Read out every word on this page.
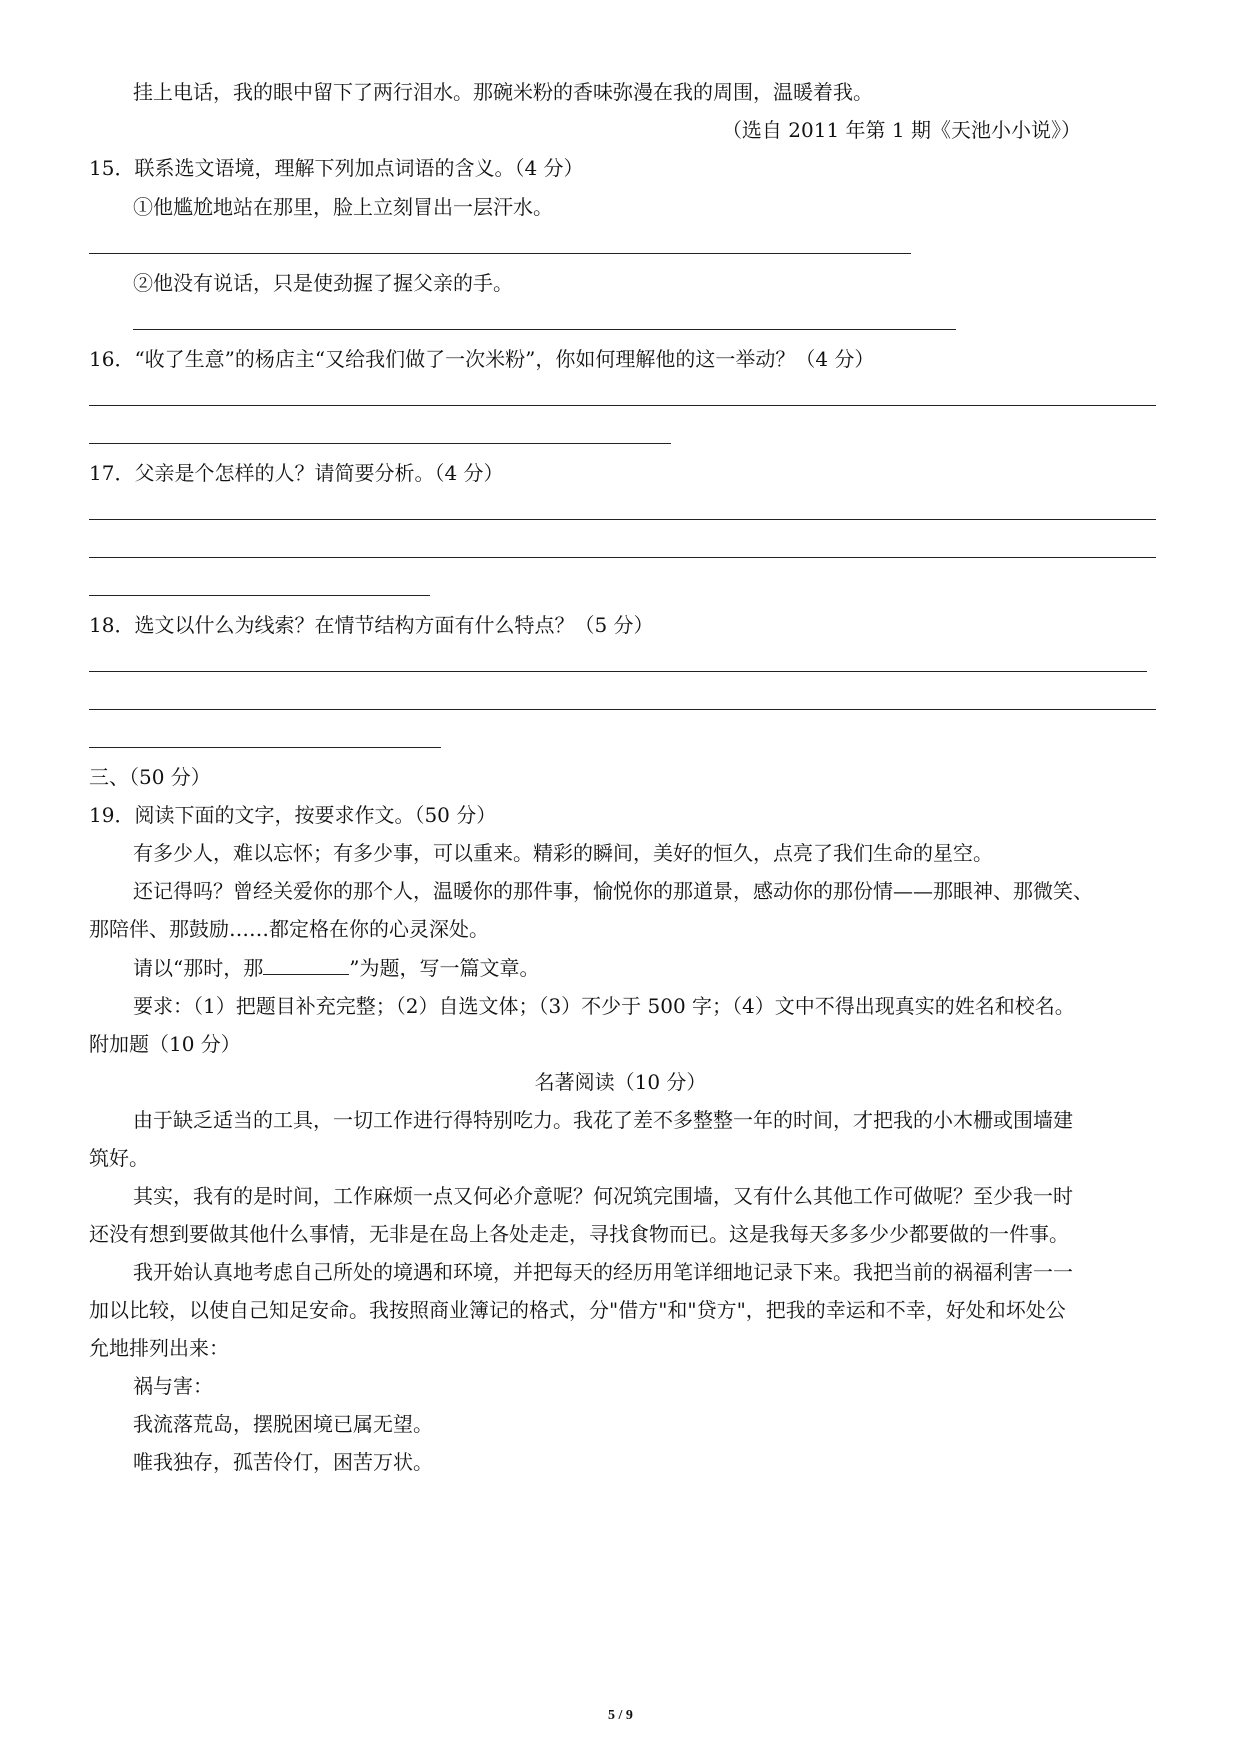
挂上电话，我的眼中留下了两行泪水。那碗米粉的香味弥漫在我的周围，温暖着我。
（选自 2011 年第 1 期《天池小小说》）
15．联系选文语境，理解下列加点词语的含义。（4 分）
①他尴尬地站在那里，脸上立刻冒出一层汗水。
②他没有说话，只是使劲握了握父亲的手。
16．“收了生意”的杨店主“又给我们做了一次米粉”，你如何理解他的这一举动？（4 分）
17．父亲是个怎样的人？请简要分析。（4 分）
18．选文以什么为线索？在情节结构方面有什么特点？（5 分）
三、（50 分）
19．阅读下面的文字，按要求作文。（50 分）
有多少人，难以忘怀；有多少事，可以重来。精彩的瞬间，美好的恒久，点亮了我们生命的星空。
还记得吗？曾经关爱你的那个人，温暖你的那件事，愉悦你的那道景，感动你的那份情——那眼神、那微笑、
那陪伴、那鼓励……都定格在你的心灵深处。
请以“那时，那	”为题，写一篇文章。
要求：（1）把题目补充完整；（2）自选文体；（3）不少于 500 字；（4）文中不得出现真实的姓名和校名。
附加题（10 分）
名著阅读（10 分）
由于缺乏适当的工具，一切工作进行得特别吃力。我花了差不多整整一年的时间，才把我的小木栅或围墙建
筑好。
其实，我有的是时间，工作麻烦一点又何必介意呢？何况筑完围墙，又有什么其他工作可做呢？至少我一时
还没有想到要做其他什么事情，无非是在岛上各处走走，寻找食物而已。这是我每天多多少少都要做的一件事。
我开始认真地考虑自己所处的境遇和环境，并把每天的经历用笔详细地记录下来。我把当前的祸福利害一一
加以比较，以使自己知足安命。我按照商业簿记的格式，分"借方"和"贷方"，把我的幸运和不幸，好处和坏处公
允地排列出来：
祸与害：
我流落荒岛，摆脱困境已属无望。
唯我独存，孤苦伶仃，困苦万状。
5 / 9
